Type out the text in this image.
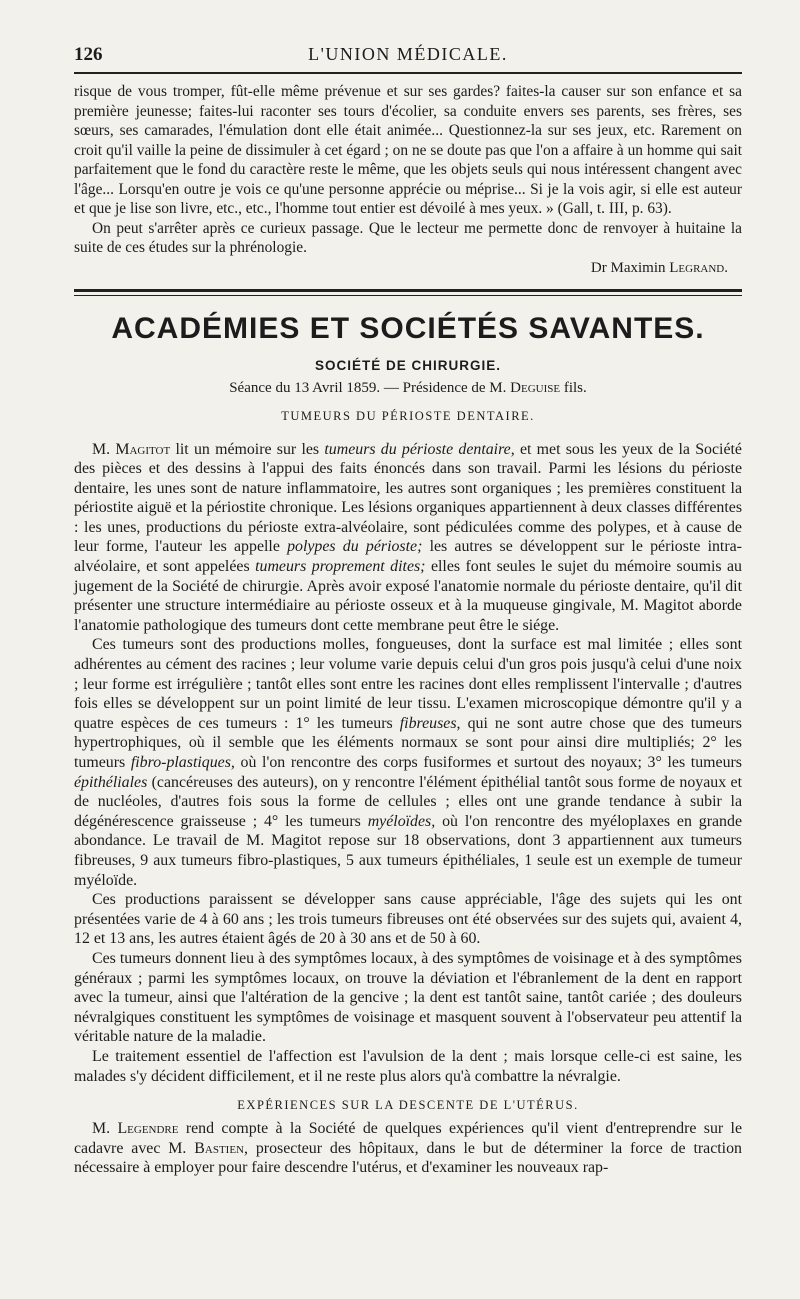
126	L'UNION MÉDICALE.

risque de vous tromper, fût-elle même prévenue et sur ses gardes? faites-la causer sur son enfance et sa première jeunesse; faites-lui raconter ses tours d'écolier, sa conduite envers ses parents, ses frères, ses sœurs, ses camarades, l'émulation dont elle était animée... Questionnez-la sur ses jeux, etc. Rarement on croit qu'il vaille la peine de dissimuler à cet égard ; on ne se doute pas que l'on a affaire à un homme qui sait parfaitement que le fond du caractère reste le même, que les objets seuls qui nous intéressent changent avec l'âge... Lorsqu'en outre je vois ce qu'une personne apprécie ou méprise... Si je la vois agir, si elle est auteur et que je lise son livre, etc., etc., l'homme tout entier est dévoilé à mes yeux. » (Gall, t. III, p. 63).

On peut s'arrêter après ce curieux passage. Que le lecteur me permette donc de renvoyer à huitaine la suite de ces études sur la phrénologie.

Dr Maximin Legrand.

ACADÉMIES ET SOCIÉTÉS SAVANTES.
SOCIÉTÉ DE CHIRURGIE.
Séance du 13 Avril 1859. — Présidence de M. Deguise fils.
TUMEURS DU PÉRIOSTE DENTAIRE.

M. Magitot lit un mémoire sur les tumeurs du périoste dentaire, et met sous les yeux de la Société des pièces et des dessins à l'appui des faits énoncés dans son travail. Parmi les lésions du périoste dentaire, les unes sont de nature inflammatoire, les autres sont organiques ; les premières constituent la périostite aiguë et la périostite chronique. Les lésions organiques appartiennent à deux classes différentes : les unes, productions du périoste extra-alvéolaire, sont pédiculées comme des polypes, et à cause de leur forme, l'auteur les appelle polypes du périoste; les autres se développent sur le périoste intra-alvéolaire, et sont appelées tumeurs proprement dites; elles font seules le sujet du mémoire soumis au jugement de la Société de chirurgie. Après avoir exposé l'anatomie normale du périoste dentaire, qu'il dit présenter une structure intermédiaire au périoste osseux et à la muqueuse gingivale, M. Magitot aborde l'anatomie pathologique des tumeurs dont cette membrane peut être le siége.

Ces tumeurs sont des productions molles, fongueuses, dont la surface est mal limitée ; elles sont adhérentes au cément des racines ; leur volume varie depuis celui d'un gros pois jusqu'à celui d'une noix ; leur forme est irrégulière ; tantôt elles sont entre les racines dont elles remplissent l'intervalle ; d'autres fois elles se développent sur un point limité de leur tissu. L'examen microscopique démontre qu'il y a quatre espèces de ces tumeurs : 1° les tumeurs fibreuses, qui ne sont autre chose que des tumeurs hypertrophiques, où il semble que les éléments normaux se sont pour ainsi dire multipliés; 2° les tumeurs fibro-plastiques, où l'on rencontre des corps fusiformes et surtout des noyaux; 3° les tumeurs épithéliales (cancéreuses des auteurs), on y rencontre l'élément épithélial tantôt sous forme de noyaux et de nucléoles, d'autres fois sous la forme de cellules ; elles ont une grande tendance à subir la dégénérescence graisseuse ; 4° les tumeurs myéloïdes, où l'on rencontre des myéloplaxes en grande abondance. Le travail de M. Magitot repose sur 18 observations, dont 3 appartiennent aux tumeurs fibreuses, 9 aux tumeurs fibro-plastiques, 5 aux tumeurs épithéliales, 1 seule est un exemple de tumeur myéloïde.

Ces productions paraissent se développer sans cause appréciable, l'âge des sujets qui les ont présentées varie de 4 à 60 ans ; les trois tumeurs fibreuses ont été observées sur des sujets qui, avaient 4, 12 et 13 ans, les autres étaient âgés de 20 à 30 ans et de 50 à 60.

Ces tumeurs donnent lieu à des symptômes locaux, à des symptômes de voisinage et à des symptômes généraux ; parmi les symptômes locaux, on trouve la déviation et l'ébranlement de la dent en rapport avec la tumeur, ainsi que l'altération de la gencive ; la dent est tantôt saine, tantôt cariée ; des douleurs névralgiques constituent les symptômes de voisinage et masquent souvent à l'observateur peu attentif la véritable nature de la maladie.

Le traitement essentiel de l'affection est l'avulsion de la dent ; mais lorsque celle-ci est saine, les malades s'y décident difficilement, et il ne reste plus alors qu'à combattre la névralgie.

EXPÉRIENCES SUR LA DESCENTE DE L'UTÉRUS.

M. Legendre rend compte à la Société de quelques expériences qu'il vient d'entreprendre sur le cadavre avec M. Bastien, prosecteur des hôpitaux, dans le but de déterminer la force de traction nécessaire à employer pour faire descendre l'utérus, et d'examiner les nouveaux rap-
